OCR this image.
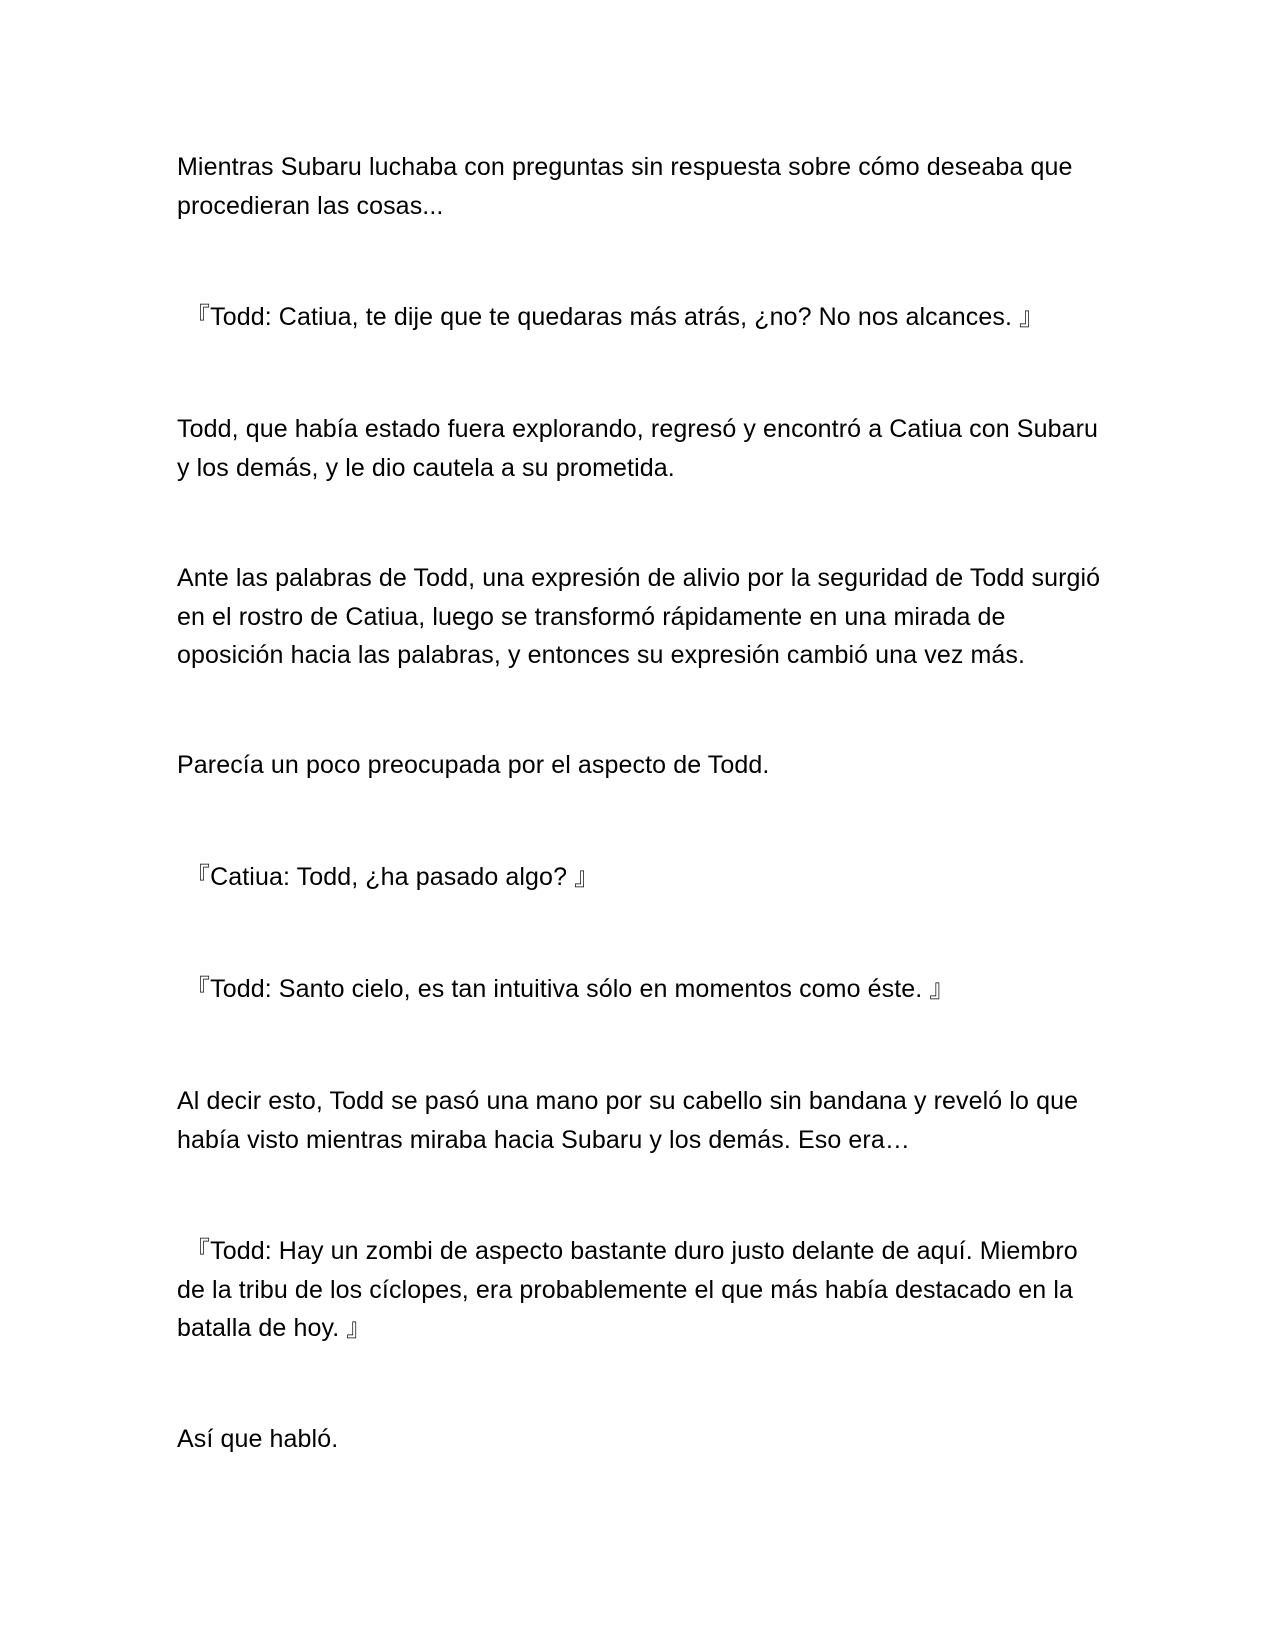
Mientras Subaru luchaba con preguntas sin respuesta sobre cómo deseaba que procedieran las cosas...

『Todd: Catiua, te dije que te quedaras más atrás, ¿no? No nos alcances. 』

Todd, que había estado fuera explorando, regresó y encontró a Catiua con Subaru y los demás, y le dio cautela a su prometida.

Ante las palabras de Todd, una expresión de alivio por la seguridad de Todd surgió en el rostro de Catiua, luego se transformó rápidamente en una mirada de oposición hacia las palabras, y entonces su expresión cambió una vez más.

Parecía un poco preocupada por el aspecto de Todd.

『Catiua: Todd, ¿ha pasado algo? 』

『Todd: Santo cielo, es tan intuitiva sólo en momentos como éste. 』

Al decir esto, Todd se pasó una mano por su cabello sin bandana y reveló lo que había visto mientras miraba hacia Subaru y los demás. Eso era…

『Todd: Hay un zombi de aspecto bastante duro justo delante de aquí. Miembro de la tribu de los cíclopes, era probablemente el que más había destacado en la batalla de hoy. 』

Así que habló.
